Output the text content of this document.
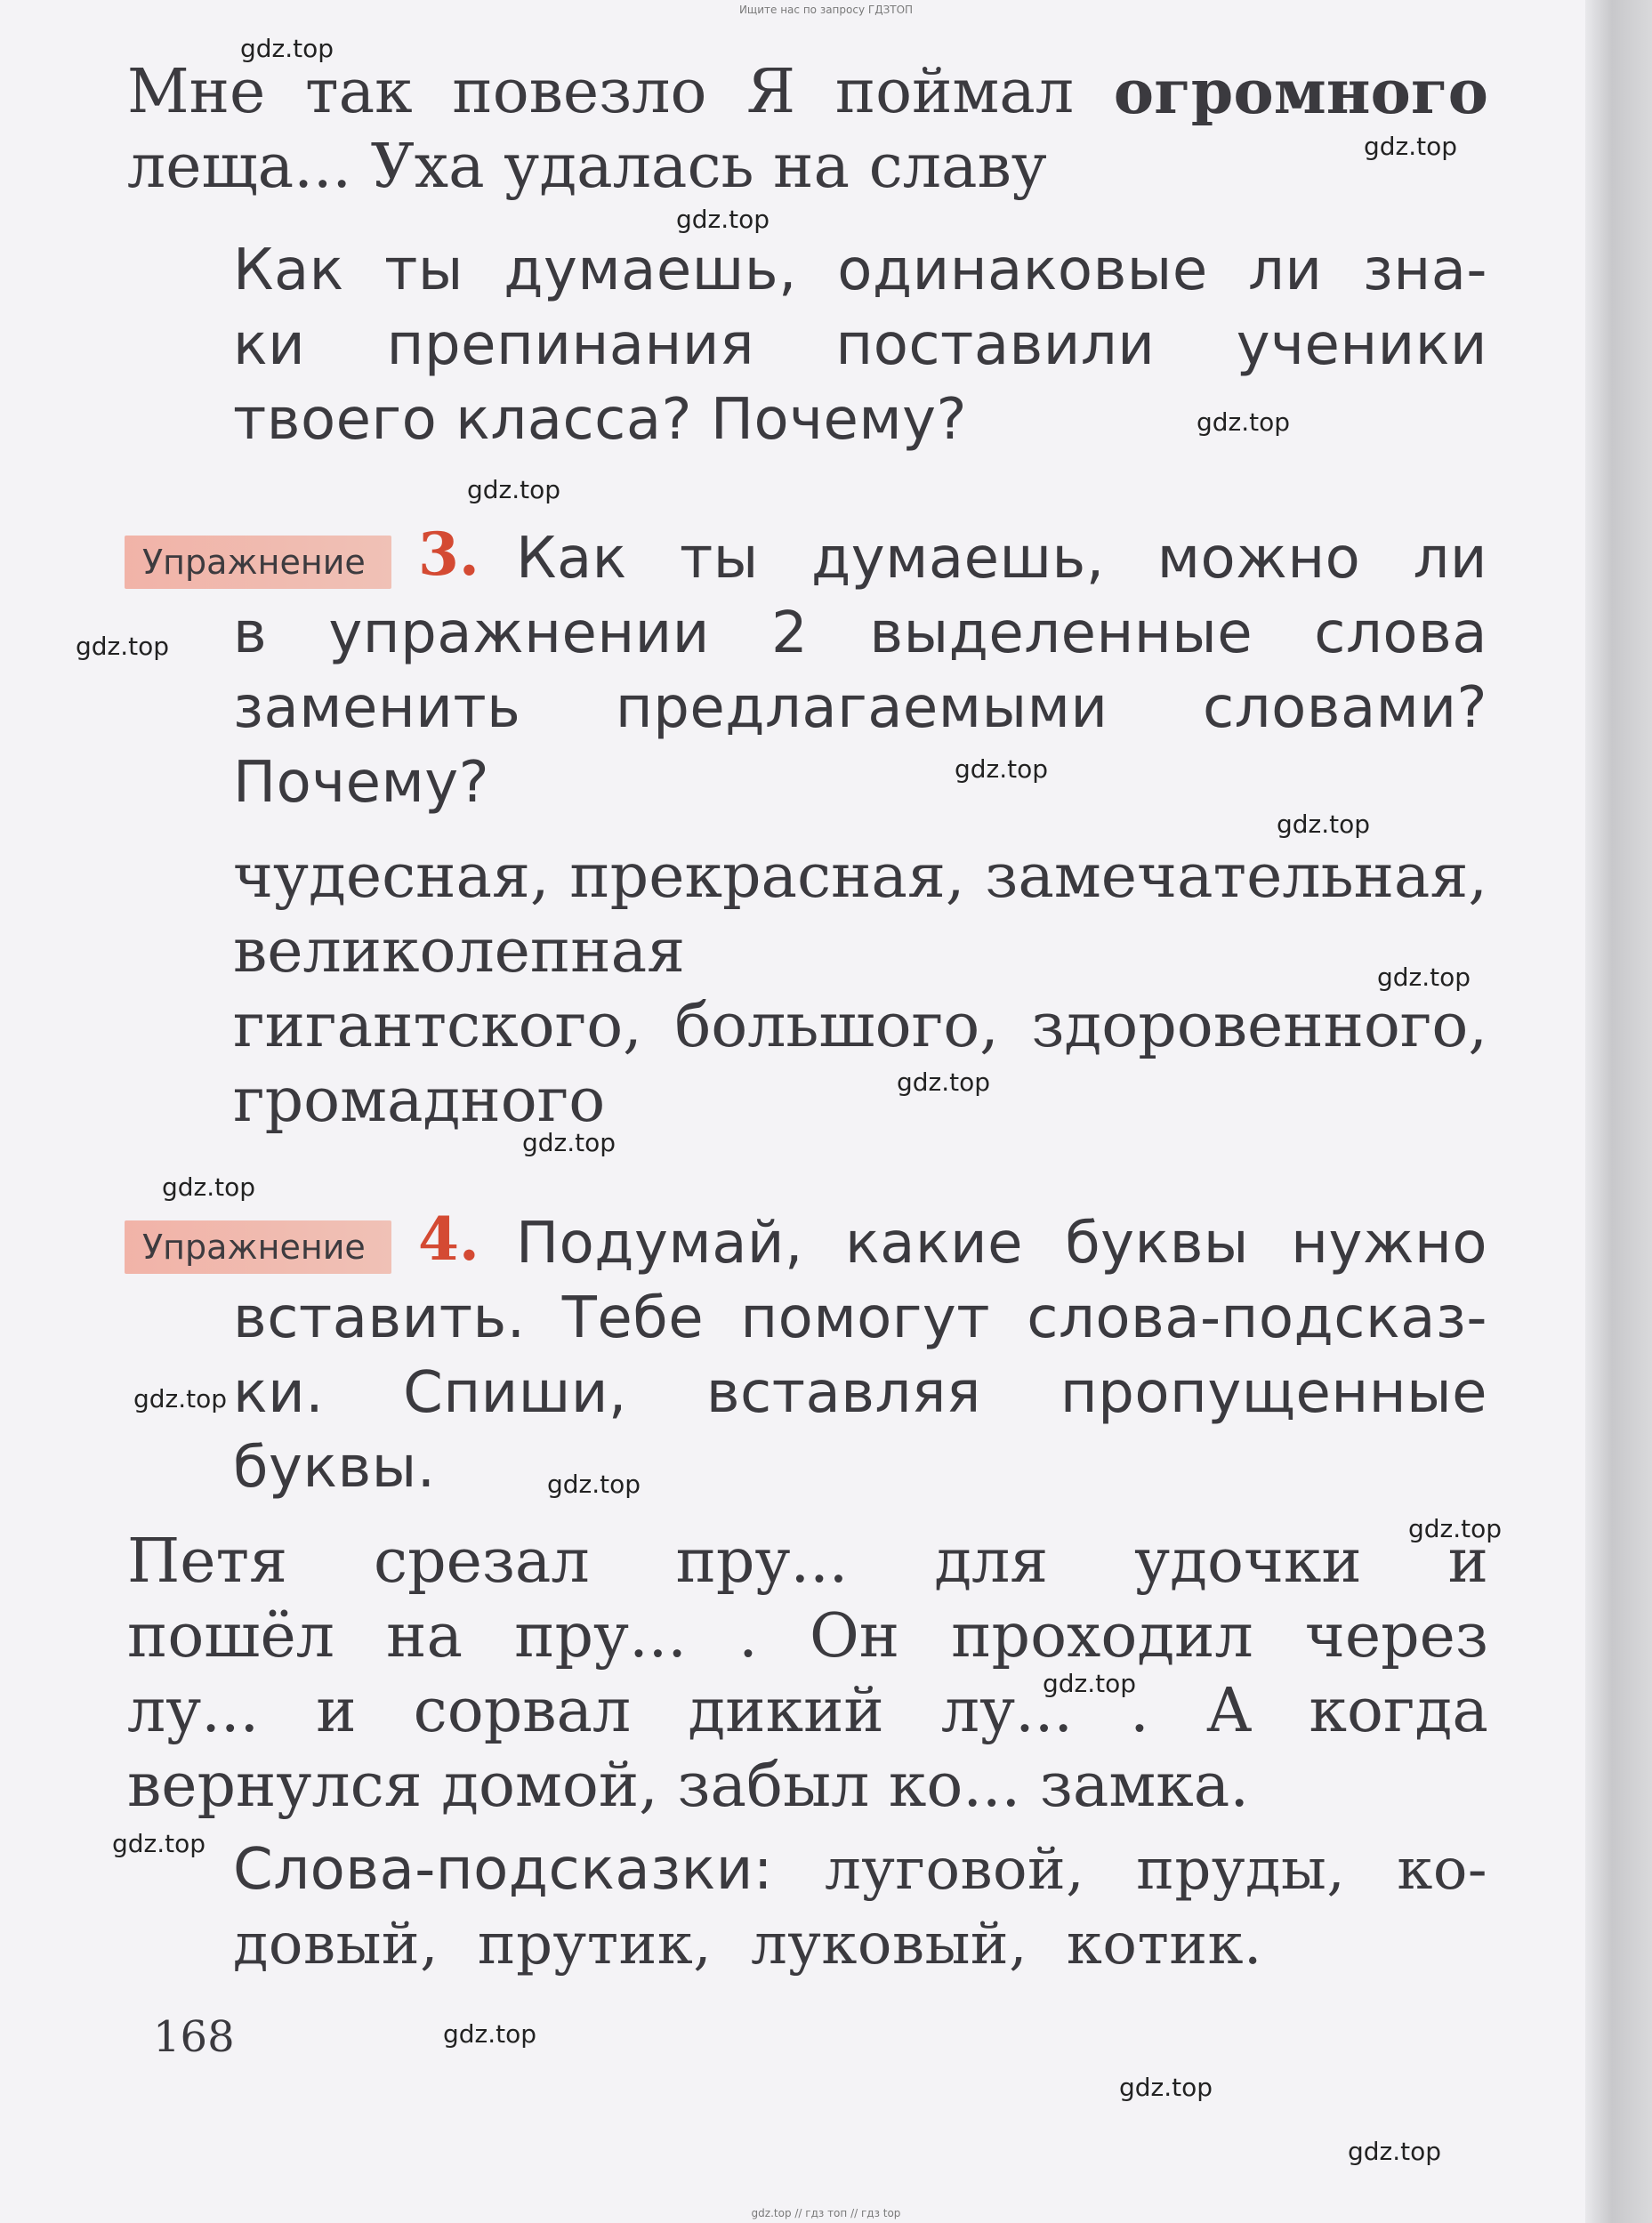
Ищите нас по запросу ГДЗТОП
gdz.top
gdz.top
gdz.top
gdz.top
gdz.top
gdz.top
gdz.top
gdz.top
gdz.top
gdz.top
gdz.top
gdz.top
gdz.top
gdz.top
gdz.top
gdz.top
gdz.top
gdz.top
gdz.top
gdz.top
Мне так повезло Я поймал огромного
леща... Уха удалась на славу
Как ты думаешь, одинаковые ли зна-
ки препинания поставили ученики
твоего класса? Почему?
Упражнение 3. Как ты думаешь, можно ли
в упражнении 2 выделенные слова
заменить предлагаемыми словами?
Почему?
чудесная, прекрасная, замечательная,
великолепная
гигантского, большого, здоровенного,
громадного
Упражнение 4. Подумай, какие буквы нужно
вставить. Тебе помогут слова-подсказ-
ки. Спиши, вставляя пропущенные
буквы.
Петя срезал пру... для удочки и
пошёл на пру... . Он проходил через
лу... и сорвал дикий лу... . А когда
вернулся домой, забыл ко... замка.
Слова-подсказки: луговой, пруды, ко-
довый, прутик, луковый, котик.
168
gdz.top // гдз топ // гдз top
